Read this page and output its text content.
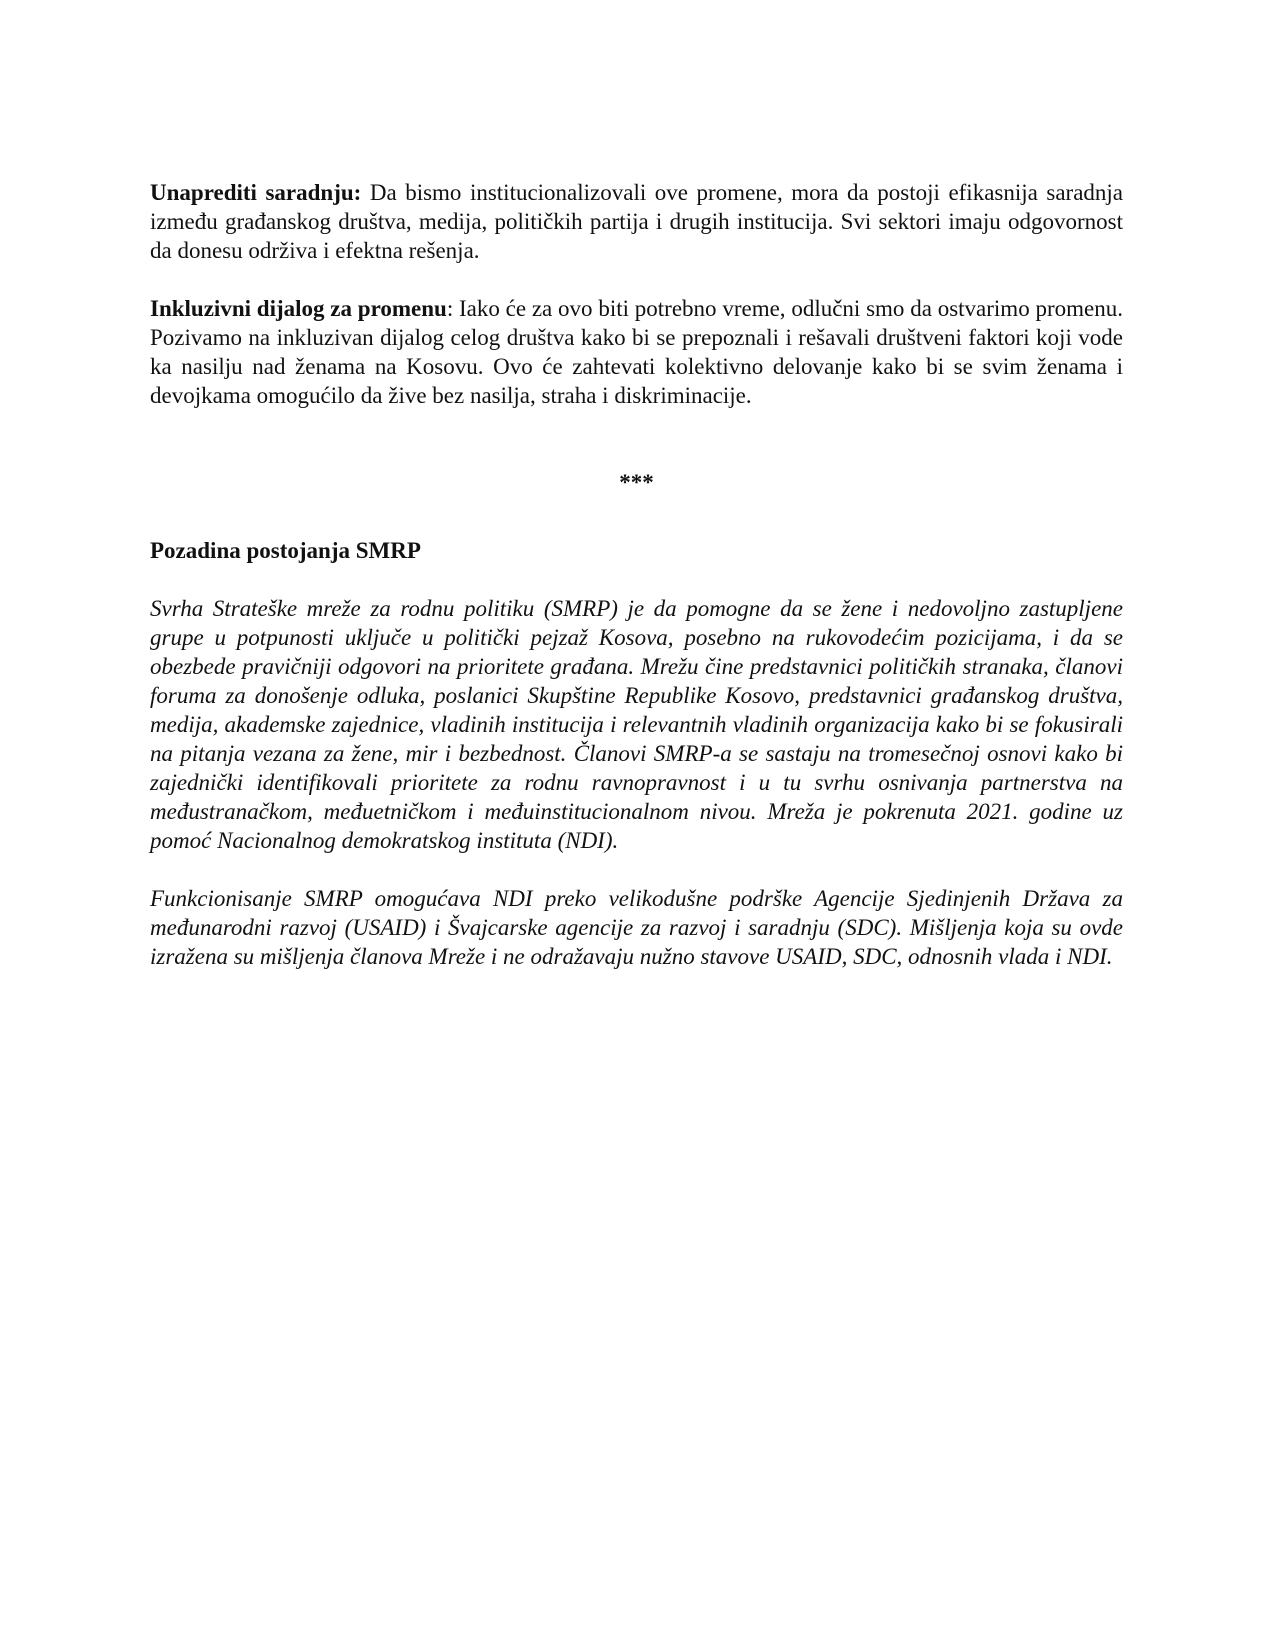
Unaprediti saradnju: Da bismo institucionalizovali ove promene, mora da postoji efikasnija saradnja između građanskog društva, medija, političkih partija i drugih institucija. Svi sektori imaju odgovornost da donesu održiva i efektna rešenja.

Inkluzivni dijalog za promenu: Iako će za ovo biti potrebno vreme, odlučni smo da ostvarimo promenu. Pozivamo na inkluzivan dijalog celog društva kako bi se prepoznali i rešavali društveni faktori koji vode ka nasilju nad ženama na Kosovu. Ovo će zahtevati kolektivno delovanje kako bi se svim ženama i devojkama omogućilo da žive bez nasilja, straha i diskriminacije.

***
Pozadina postojanja SMRP

Svrha Strateške mreže za rodnu politiku (SMRP) je da pomogne da se žene i nedovoljno zastupljene grupe u potpunosti uključe u politički pejzaž Kosova, posebno na rukovodećim pozicijama, i da se obezbede pravičniji odgovori na prioritete građana. Mrežu čine predstavnici političkih stranaka, članovi foruma za donošenje odluka, poslanici Skupštine Republike Kosovo, predstavnici građanskog društva, medija, akademske zajednice, vladinih institucija i relevantnih vladinih organizacija kako bi se fokusirali na pitanja vezana za žene, mir i bezbednost. Članovi SMRP-a se sastaju na tromesečnoj osnovi kako bi zajednički identifikovali prioritete za rodnu ravnopravnost i u tu svrhu osnivanja partnerstva na međustranačkom, međuetničkom i međuinstitucionalnom nivou. Mreža je pokrenuta 2021. godine uz pomoć Nacionalnog demokratskog instituta (NDI).

Funkcionisanje SMRP omogućava NDI preko velikodušne podrške Agencije Sjedinjenih Država za međunarodni razvoj (USAID) i Švajcarske agencije za razvoj i saradnju (SDC). Mišljenja koja su ovde izražena su mišljenja članova Mreže i ne odražavaju nužno stavove USAID, SDC, odnosnih vlada i NDI.
